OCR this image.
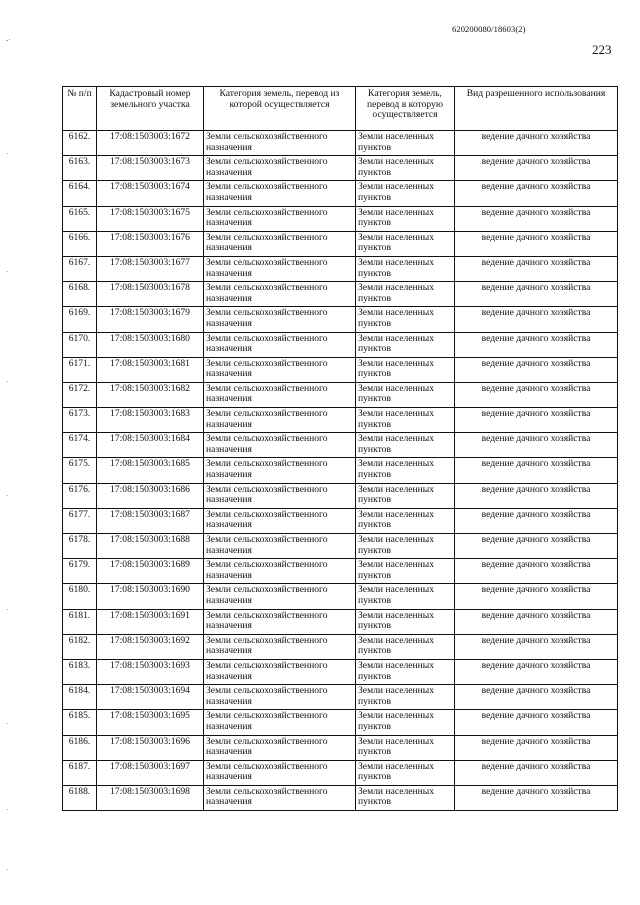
620200080/18603(2)
223
-·
·
·
·
·
·
·
·
·
№ п/п	Кадастровый номер земельного участка	Категория земель, перевод из которой осуществляется	Категория земель, перевод в которую осуществляется	Вид разрешенного использования
6162.	17:08:1503003:1672	Земли сельскохозяйственного назначения	Земли населенных пунктов	ведение дачного хозяйства
6163.	17:08:1503003:1673	Земли сельскохозяйственного назначения	Земли населенных пунктов	ведение дачного хозяйства
6164.	17:08:1503003:1674	Земли сельскохозяйственного назначения	Земли населенных пунктов	ведение дачного хозяйства
6165.	17:08:1503003:1675	Земли сельскохозяйственного назначения	Земли населенных пунктов	ведение дачного хозяйства
6166.	17:08:1503003:1676	Земли сельскохозяйственного назначения	Земли населенных пунктов	ведение дачного хозяйства
6167.	17:08:1503003:1677	Земли сельскохозяйственного назначения	Земли населенных пунктов	ведение дачного хозяйства
6168.	17:08:1503003:1678	Земли сельскохозяйственного назначения	Земли населенных пунктов	ведение дачного хозяйства
6169.	17:08:1503003:1679	Земли сельскохозяйственного назначения	Земли населенных пунктов	ведение дачного хозяйства
6170.	17:08:1503003:1680	Земли сельскохозяйственного назначения	Земли населенных пунктов	ведение дачного хозяйства
6171.	17:08:1503003:1681	Земли сельскохозяйственного назначения	Земли населенных пунктов	ведение дачного хозяйства
6172.	17:08:1503003:1682	Земли сельскохозяйственного назначения	Земли населенных пунктов	ведение дачного хозяйства
6173.	17:08:1503003:1683	Земли сельскохозяйственного назначения	Земли населенных пунктов	ведение дачного хозяйства
6174.	17:08:1503003:1684	Земли сельскохозяйственного назначения	Земли населенных пунктов	ведение дачного хозяйства
6175.	17:08:1503003:1685	Земли сельскохозяйственного назначения	Земли населенных пунктов	ведение дачного хозяйства
6176.	17:08:1503003:1686	Земли сельскохозяйственного назначения	Земли населенных пунктов	ведение дачного хозяйства
6177.	17:08:1503003:1687	Земли сельскохозяйственного назначения	Земли населенных пунктов	ведение дачного хозяйства
6178.	17:08:1503003:1688	Земли сельскохозяйственного назначения	Земли населенных пунктов	ведение дачного хозяйства
6179.	17:08:1503003:1689	Земли сельскохозяйственного назначения	Земли населенных пунктов	ведение дачного хозяйства
6180.	17:08:1503003:1690	Земли сельскохозяйственного назначения	Земли населенных пунктов	ведение дачного хозяйства
6181.	17:08:1503003:1691	Земли сельскохозяйственного назначения	Земли населенных пунктов	ведение дачного хозяйства
6182.	17:08:1503003:1692	Земли сельскохозяйственного назначения	Земли населенных пунктов	ведение дачного хозяйства
6183.	17:08:1503003:1693	Земли сельскохозяйственного назначения	Земли населенных пунктов	ведение дачного хозяйства
6184.	17:08:1503003:1694	Земли сельскохозяйственного назначения	Земли населенных пунктов	ведение дачного хозяйства
6185.	17:08:1503003:1695	Земли сельскохозяйственного назначения	Земли населенных пунктов	ведение дачного хозяйства
6186.	17:08:1503003:1696	Земли сельскохозяйственного назначения	Земли населенных пунктов	ведение дачного хозяйства
6187.	17:08:1503003:1697	Земли сельскохозяйственного назначения	Земли населенных пунктов	ведение дачного хозяйства
6188.	17:08:1503003:1698	Земли сельскохозяйственного назначения	Земли населенных пунктов	ведение дачного хозяйства
